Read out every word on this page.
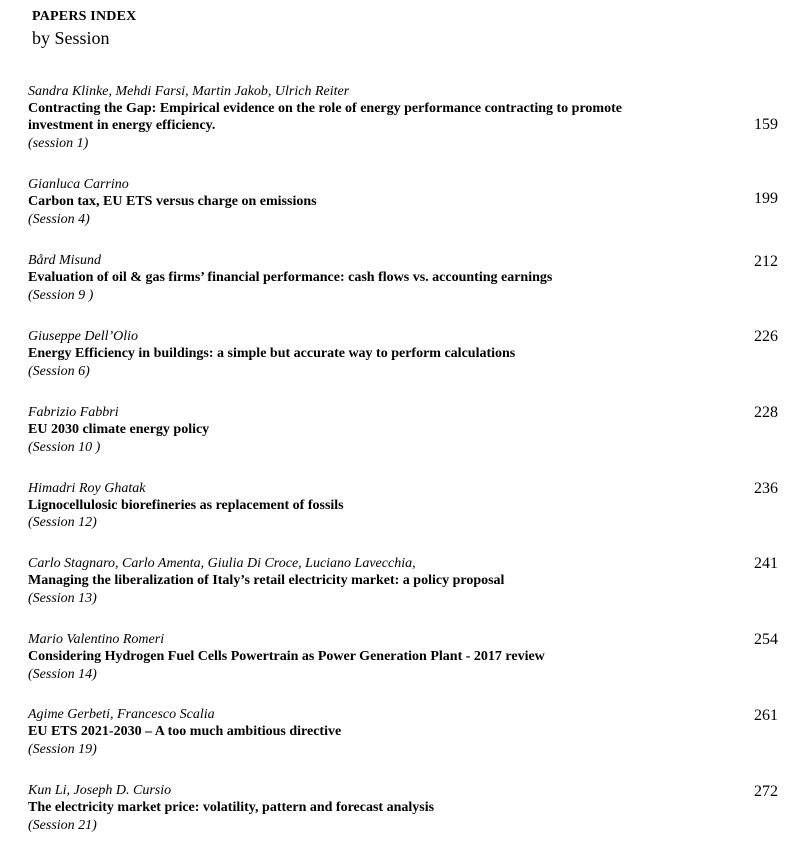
PAPERS INDEX
by Session
Sandra Klinke, Mehdi Farsi, Martin Jakob, Ulrich Reiter
Contracting the Gap: Empirical evidence on the role of energy performance contracting to promote investment in energy efficiency.
(session 1)
159
Gianluca Carrino
Carbon tax, EU ETS versus charge on emissions
(Session 4)
199
Bård Misund
Evaluation of oil & gas firms’ financial performance: cash flows vs. accounting earnings
(Session 9 )
212
Giuseppe Dell’Olio
Energy Efficiency in buildings: a simple but accurate way to perform calculations
(Session 6)
226
Fabrizio Fabbri
EU 2030 climate energy policy
(Session 10 )
228
Himadri Roy Ghatak
Lignocellulosic biorefineries as replacement of fossils
(Session 12)
236
Carlo Stagnaro, Carlo Amenta, Giulia Di Croce, Luciano Lavecchia,
Managing the liberalization of Italy’s retail electricity market: a policy proposal
(Session 13)
241
Mario Valentino Romeri
Considering Hydrogen Fuel Cells Powertrain as Power Generation Plant - 2017 review
(Session 14)
254
Agime Gerbeti, Francesco Scalia
EU ETS 2021-2030 – A too much ambitious directive
(Session 19)
261
Kun Li, Joseph D. Cursio
The electricity market price: volatility, pattern and forecast analysis
(Session 21)
272
